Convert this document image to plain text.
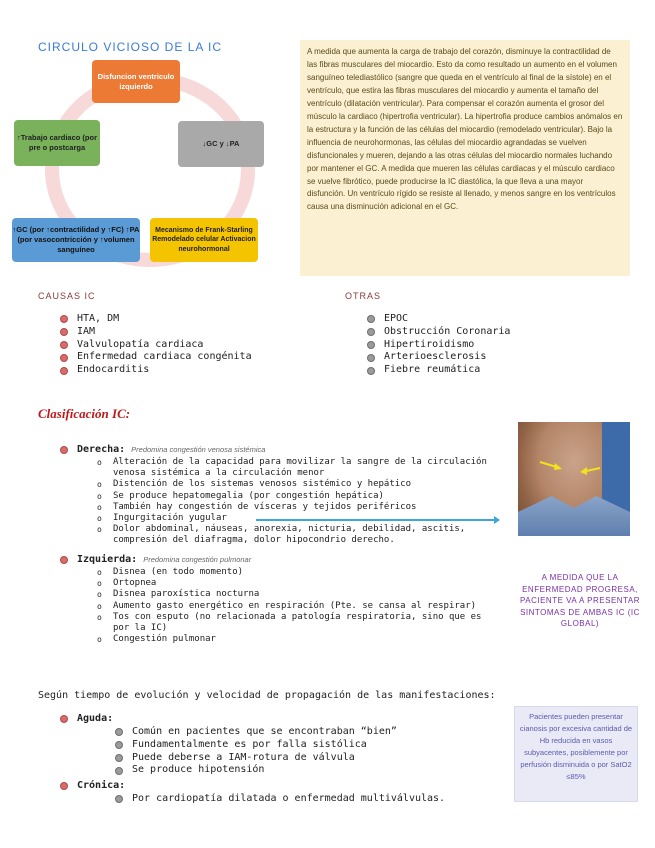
CIRCULO VICIOSO DE LA IC
Disfuncion ventriculo izquierdo
↓GC y ↓PA
↑Trabajo cardiaco (por pre o postcarga
↑GC (por ↑contractilidad y ↑FC) ↑PA (por vasocontricción y ↑volumen sanguíneo
Mecanismo de Frank-Starling Remodelado celular Activacion neurohormonal
A medida que aumenta la carga de trabajo del corazón, disminuye la contractilidad de las fibras musculares del miocardio. Esto da como resultado un aumento en el volumen sanguíneo telediastólico (sangre que queda en el ventrículo al final de la sístole) en el ventrículo, que estira las fibras musculares del miocardio y aumenta el tamaño del ventrículo (dilatación ventricular). Para compensar el corazón aumenta el grosor del músculo la cardiaco (hipertrofia ventricular). La hipertrofia produce cambios anómalos en la estructura y la función de las células del miocardio (remodelado ventricular). Bajo la influencia de neurohormonas, las células del miocardio agrandadas se vuelven disfuncionales y mueren, dejando a las otras células del miocardio normales luchando por mantener el GC. A medida que mueren las células cardiacas y el músculo cardiaco se vuelve fibrótico, puede producirse la IC diastólica, la que lleva a una mayor disfunción. Un ventrículo rígido se resiste al llenado, y menos sangre en los ventrículos causa una disminución adicional en el GC.
CAUSAS IC
HTA, DM
IAM
Valvulopatía cardiaca
Enfermedad cardiaca congénita
Endocarditis
OTRAS
EPOC
Obstrucción Coronaria
Hipertiroidismo
Arterioesclerosis
Fiebre reumática
Clasificación IC:
Derecha: Predomina congestión venosa sistémica
o Alteración de la capacidad para movilizar la sangre de la circulación venosa sistémica a la circulación menor
o Distención de los sistemas venosos sistémico y hepático
o Se produce hepatomegalia (por congestión hepática)
o También hay congestión de vísceras y tejidos periféricos
o Ingurgitación yugular
o Dolor abdominal, náuseas, anorexia, nicturia, debilidad, ascitis, compresión del diafragma, dolor hipocondrio derecho.
Izquierda: Predomina congestión pulmonar
o Disnea (en todo momento)
o Ortopnea
o Disnea paroxística nocturna
o Aumento gasto energético en respiración (Pte. se cansa al respirar)
o Tos con esputo (no relacionada a patología respiratoria, sino que es por la IC)
o Congestión pulmonar
A MEDIDA QUE LA ENFERMEDAD PROGRESA, PACIENTE VA A PRESENTAR SINTOMAS DE AMBAS IC (IC GLOBAL)
Según tiempo de evolución y velocidad de propagación de las manifestaciones:
Aguda:
Común en pacientes que se encontraban “bien”
Fundamentalmente es por falla sistólica
Puede deberse a IAM-rotura de válvula
Se produce hipotensión
Crónica:
Por cardiopatía dilatada o enfermedad multiválvulas.
Pacientes pueden presentar cianosis por excesiva cantidad de Hb reducida en vasos subyacentes, posiblemente por perfusión disminuida o por SatO2 ≤85%
